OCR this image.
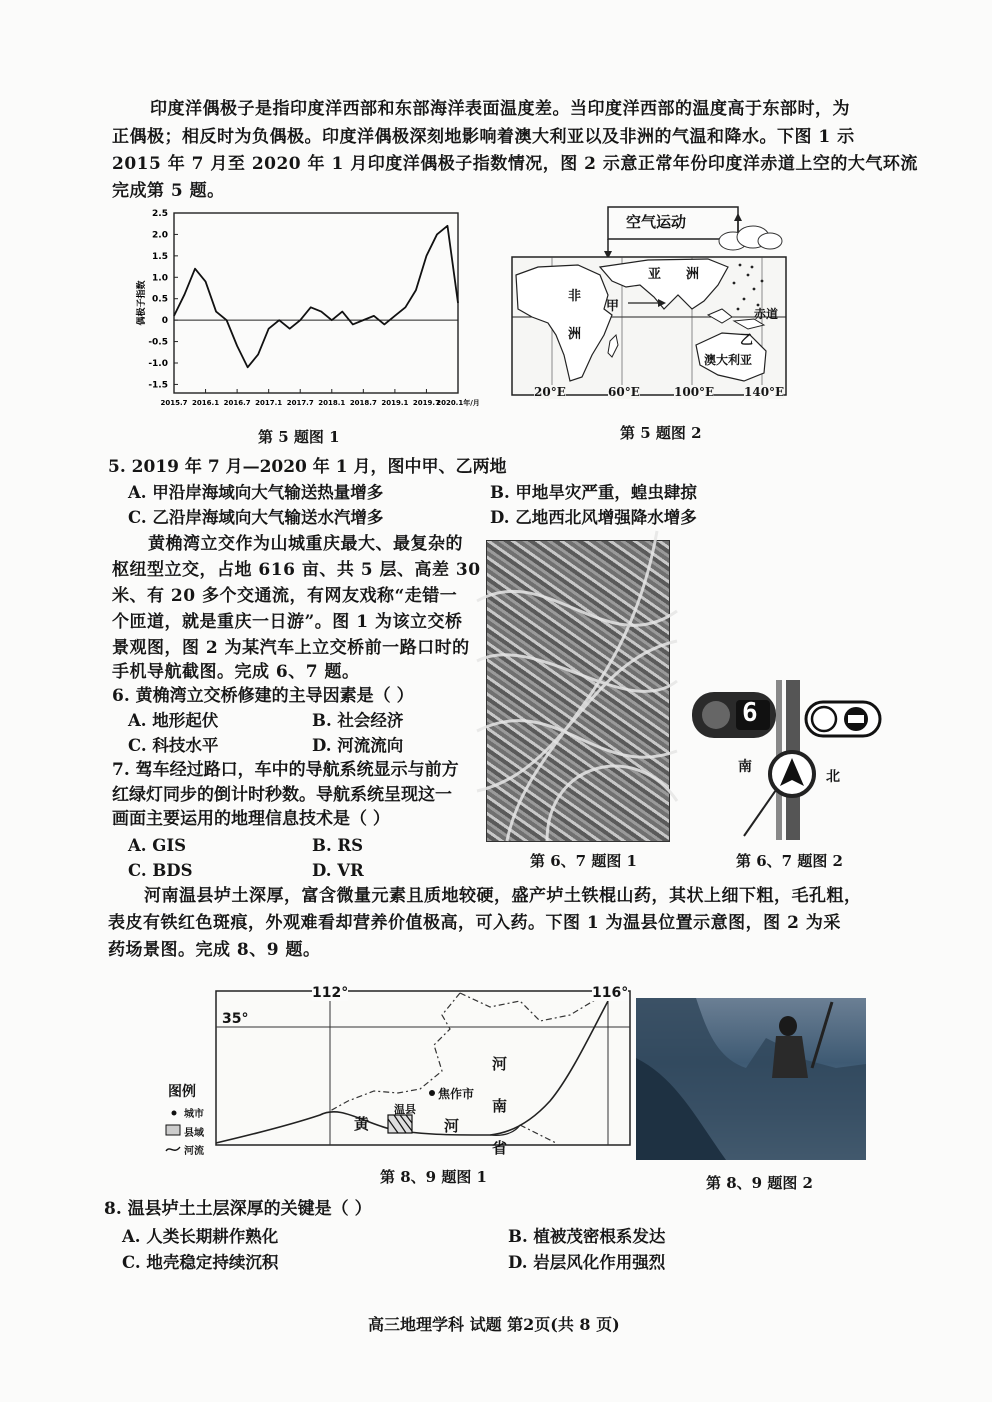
印度洋偶极子是指印度洋西部和东部海洋表面温度差。当印度洋西部的温度高于东部时，为
正偶极；相反时为负偶极。印度洋偶极深刻地影响着澳大利亚以及非洲的气温和降水。下图 1 示
2015 年 7 月至 2020 年 1 月印度洋偶极子指数情况，图 2 示意正常年份印度洋赤道上空的大气环流
完成第 5 题。
2.5
2.0
1.5
1.0
0.5
0
-0.5
-1.0
-1.5
2015.7 2016.1 2016.7 2017.1 2017.7 2018.1 2018.7 2019.1 2019.7
2020.1年/月
偶极子指数
第 5 题图 1
空气运动
亚 洲
非
甲
洲	乙
赤道
澳大利亚
20°E	60°E	100°E 140°E
第 5 题图 2
5. 2019 年 7 月—2020 年 1 月，图中甲、乙两地
A. 甲沿岸海域向大气输送热量增多	B. 甲地旱灾严重，蝗虫肆掠
C. 乙沿岸海域向大气输送水汽增多	D. 乙地西北风增强降水增多
黄桷湾立交作为山城重庆最大、最复杂的
枢纽型立交，占地 616 亩、共 5 层、高差 30
米、有 20 多个交通流，有网友戏称“走错一
个匝道，就是重庆一日游”。图 1 为该立交桥
景观图，图 2 为某汽车上立交桥前一路口时的
手机导航截图。完成 6、7 题。
6. 黄桷湾立交桥修建的主导因素是（ ）
A. 地形起伏	B. 社会经济
C. 科技水平	D. 河流流向
7. 驾车经过路口，车中的导航系统显示与前方
红绿灯同步的倒计时秒数。导航系统呈现这一
画面主要运用的地理信息技术是（ ）
A. GIS	B. RS
C. BDS	D. VR	第 6、7 题图 1
6
南
北
第 6、7 题图 2
河南温县垆土深厚，富含微量元素且质地较硬，盛产垆土铁棍山药，其状上细下粗，毛孔粗，
表皮有铁红色斑痕，外观难看却营养价值极高，可入药。下图 1 为温县位置示意图，图 2 为采
药场景图。完成 8、9 题。
112°	116°
35°
图例
城市
县域
河流
焦作市
温县
黄	河
河
南
省
第 8、9 题图 1	第 8、9 题图 2
8. 温县垆土土层深厚的关键是（ ）
A. 人类长期耕作熟化	B. 植被茂密根系发达
C. 地壳稳定持续沉积	D. 岩层风化作用强烈
高三地理学科 试题 第2页(共 8 页)
